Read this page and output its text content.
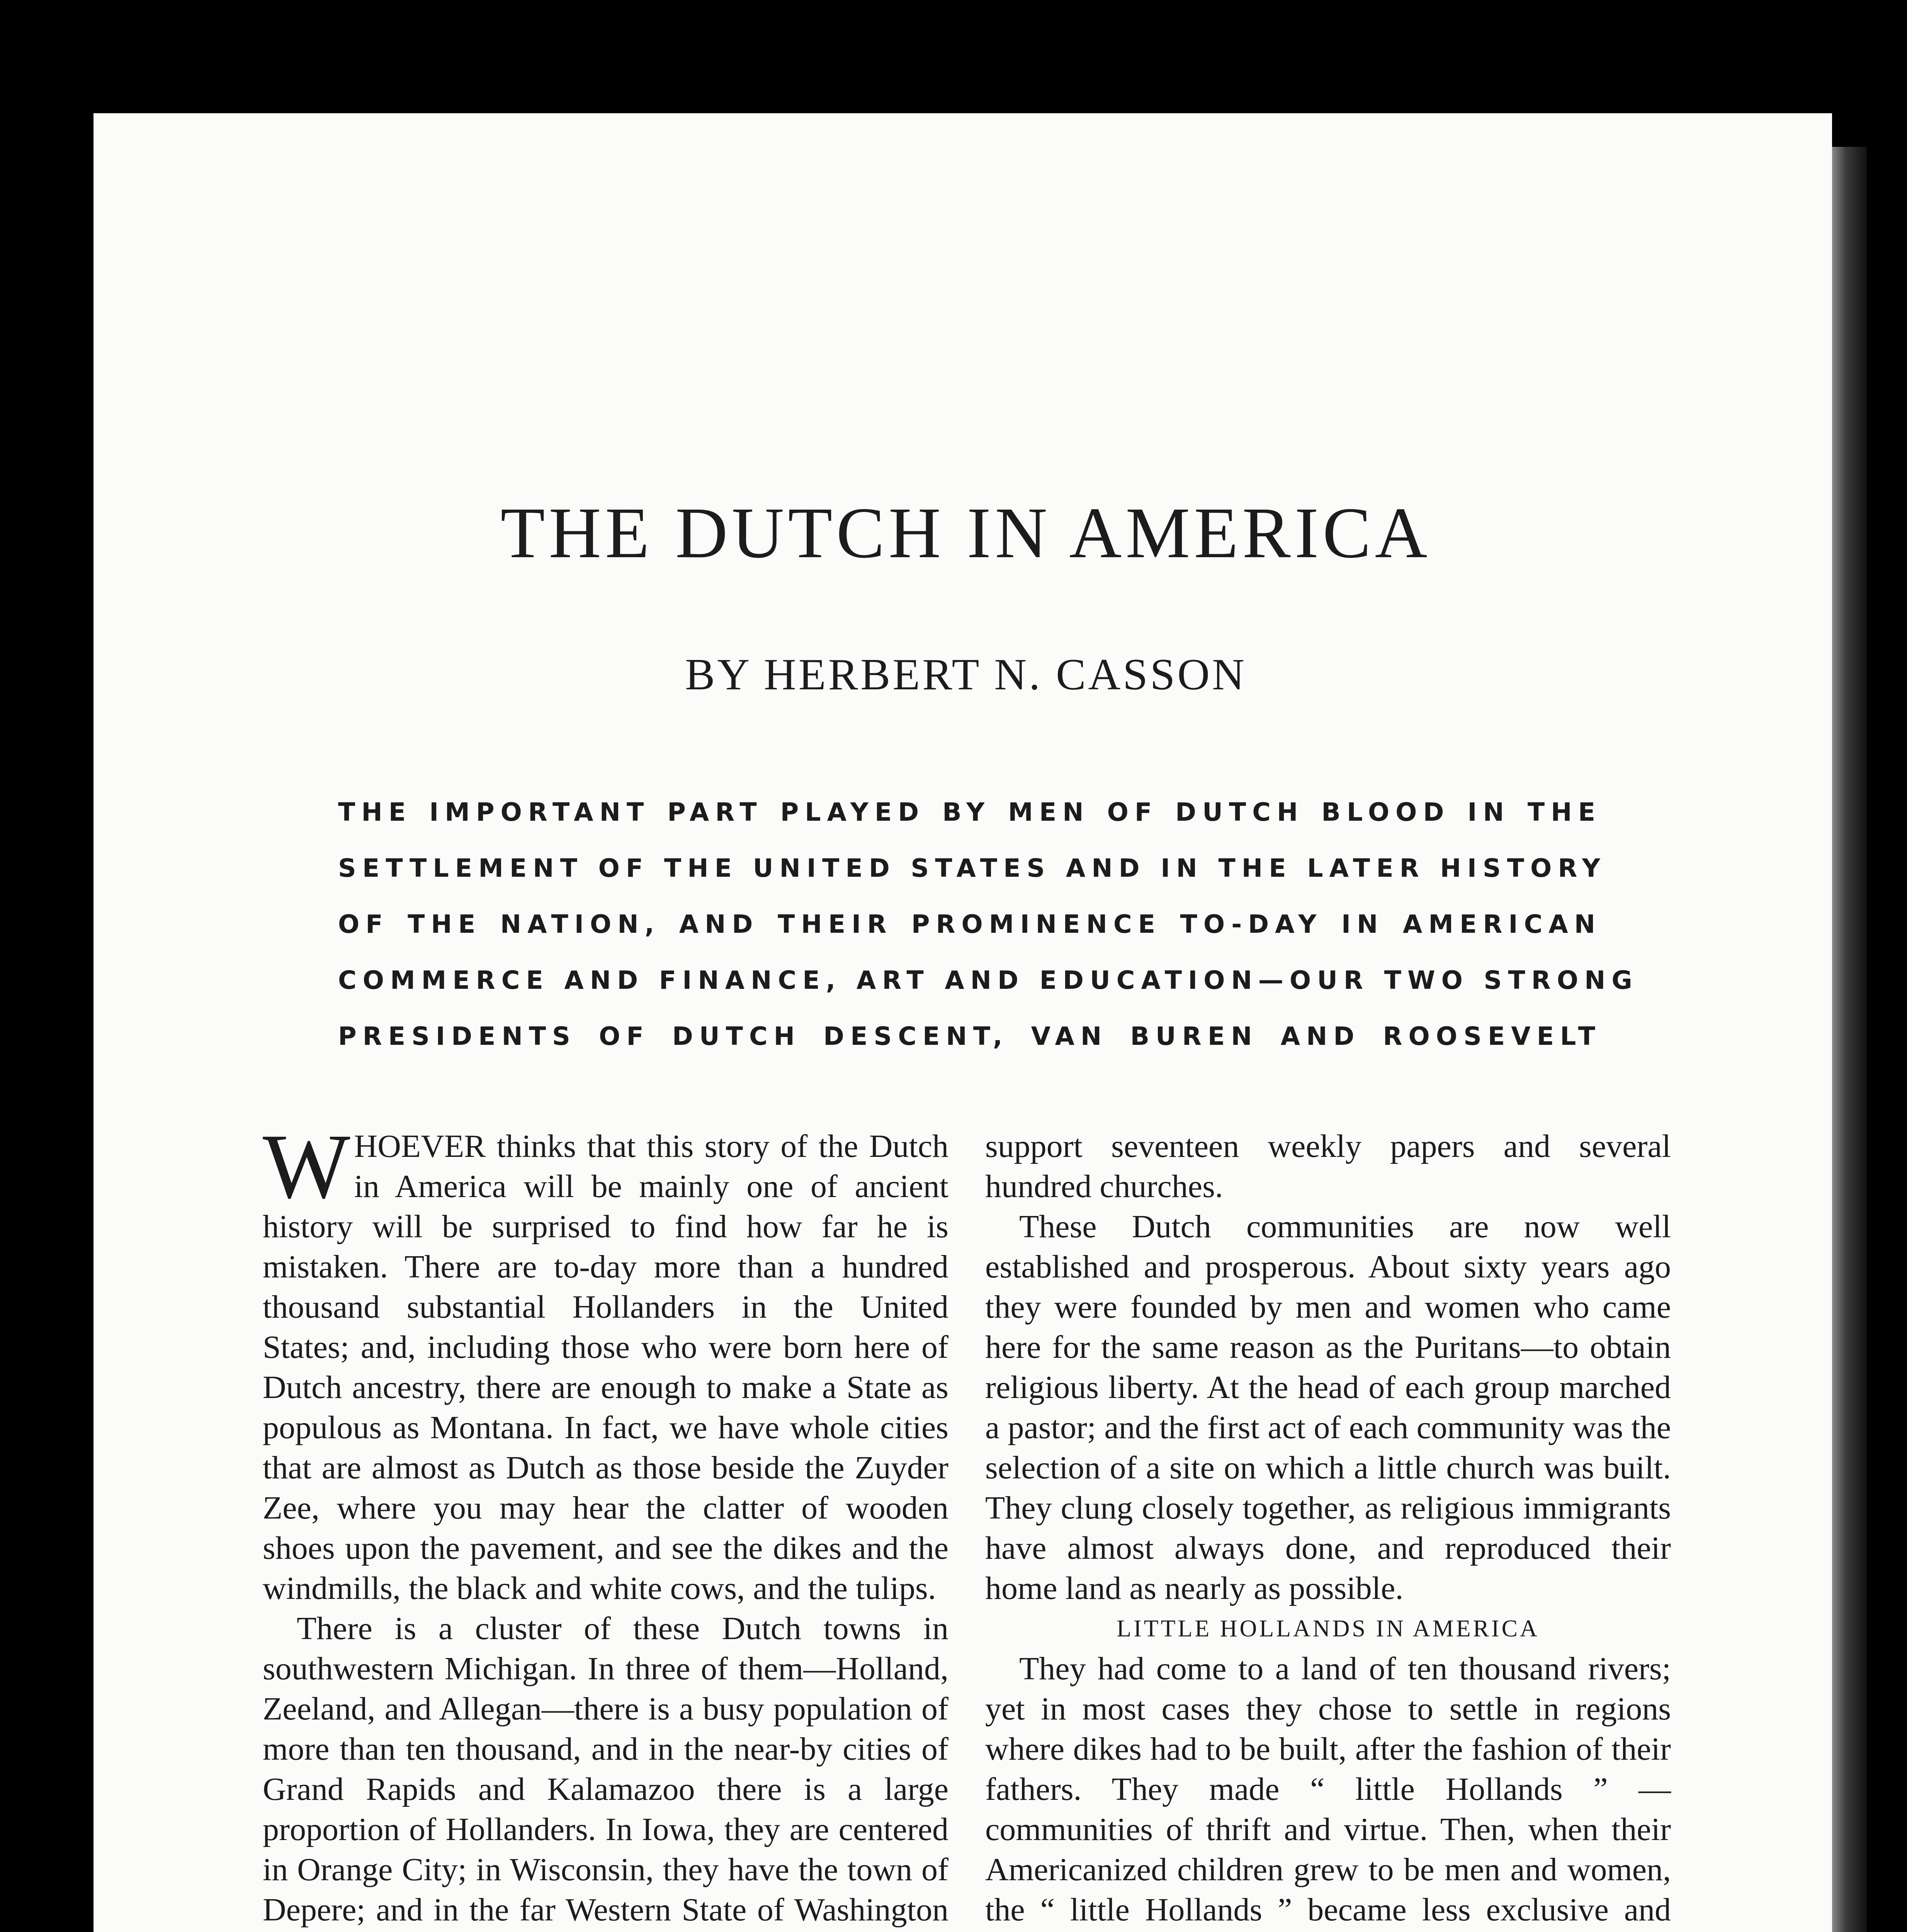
THE DUTCH IN AMERICA
BY HERBERT N. CASSON
THE IMPORTANT PART PLAYED BY MEN OF DUTCH BLOOD IN THE
SETTLEMENT OF THE UNITED STATES AND IN THE LATER HISTORY
OF THE NATION, AND THEIR PROMINENCE TO-DAY IN AMERICAN
COMMERCE AND FINANCE, ART AND EDUCATION—OUR TWO STRONG
PRESIDENTS OF DUTCH DESCENT, VAN BUREN AND ROOSEVELT

WHOEVER thinks that this story of the Dutch in America will be mainly one of ancient history will be surprised to find how far he is mistaken. There are to-day more than a hundred thousand substantial Hollanders in the United States; and, including those who were born here of Dutch ancestry, there are enough to make a State as populous as Montana. In fact, we have whole cities that are almost as Dutch as those beside the Zuyder Zee, where you may hear the clatter of wooden shoes upon the pavement, and see the dikes and the windmills, the black and white cows, and the tulips.

There is a cluster of these Dutch towns in southwestern Michigan. In three of them—Holland, Zeeland, and Allegan—there is a busy population of more than ten thousand, and in the near-by cities of Grand Rapids and Kalamazoo there is a large proportion of Hollanders. In Iowa, they are centered in Orange City; in Wisconsin, they have the town of Depere; and in the far Western State of Washington

support seventeen weekly papers and several hundred churches.

These Dutch communities are now well established and prosperous. About sixty years ago they were founded by men and women who came here for the same reason as the Puritans—to obtain religious liberty. At the head of each group marched a pastor; and the first act of each community was the selection of a site on which a little church was built. They clung closely together, as religious immigrants have almost always done, and reproduced their home land as nearly as possible.

LITTLE HOLLANDS IN AMERICA

They had come to a land of ten thousand rivers; yet in most cases they chose to settle in regions where dikes had to be built, after the fashion of their fathers. They made “ little Hollands ” —communities of thrift and virtue. Then, when their Americanized children grew to be men and women, the “ little Hollands ” became less exclusive and
